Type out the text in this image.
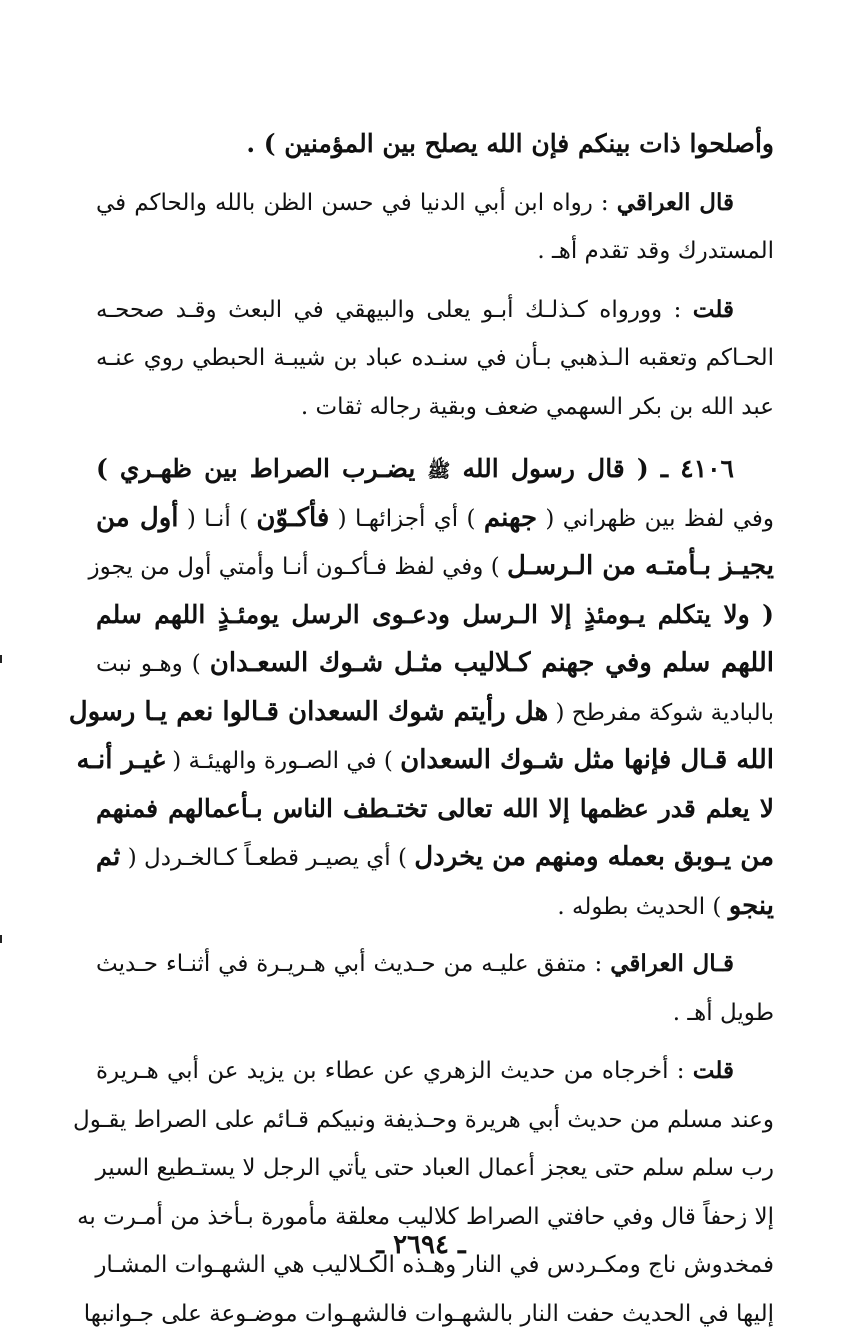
وأصلحوا ذات بينكم فإن الله يصلح بين المؤمنين ) .
قال العراقي : رواه ابن أبي الدنيا في حسن الظن بالله والحاكم في
المستدرك وقد تقدم أهـ .
قلت : وورواه كـذلـك أبـو يعلى والبيهقي في البعث وقـد صححـه
الحـاكم وتعقبه الـذهبي بـأن في سنـده عباد بن شيبـة الحبطي روي عنـه
عبد الله بن بكر السهمي ضعف وبقية رجاله ثقات .
٤١٠٦ ـ ( قال رسول الله ﷺ يضـرب الصراط بين ظهـري )
وفي لفظ بين ظهراني ( جهنم ) أي أجزائهـا ( فأكـوّن ) أنـا ( أول من
يجيـز بـأمتـه من الـرسـل ) وفي لفظ فـأكـون أنـا وأمتي أول من يجوز
( ولا يتكلم يـومئذٍ إلا الـرسل ودعـوى الرسل يومئـذٍ اللهم سلم
اللهم سلم وفي جهنم كـلاليب مثـل شـوك السعـدان ) وهـو نبت
بالبادية شوكة مفرطح ( هل رأيتم شوك السعدان قـالوا نعم يـا رسول
الله قـال فإنها مثل شـوك السعدان ) في الصـورة والهيئـة ( غيـر أنـه
لا يعلم قدر عظمها إلا الله تعالى تختـطف الناس بـأعمالهم فمنهم
من يـوبق بعمله ومنهم من يخردل ) أي يصيـر قطعـاً كـالخـردل ( ثم
ينجو ) الحديث بطوله .
قـال العراقي : متفق عليـه من حـديث أبي هـريـرة في أثنـاء حـديث
طويل أهـ .
قلت : أخرجاه من حديث الزهري عن عطاء بن يزيد عن أبي هـريرة
وعند مسلم من حديث أبي هريرة وحـذيفة ونبيكم قـائم على الصراط يقـول
رب سلم سلم حتى يعجز أعمال العباد حتى يأتي الرجل لا يستـطيع السير
إلا زحفاً قال وفي حافتي الصراط كلاليب معلقة مأمورة بـأخذ من أمـرت به
فمخدوش ناج ومكـردس في النار وهـذه الكـلاليب هي الشهـوات المشـار
إليها في الحديث حفت النار بالشهـوات فالشهـوات موضـوعة على جـوانبها
ـ ٢٦٩٤ ـ
